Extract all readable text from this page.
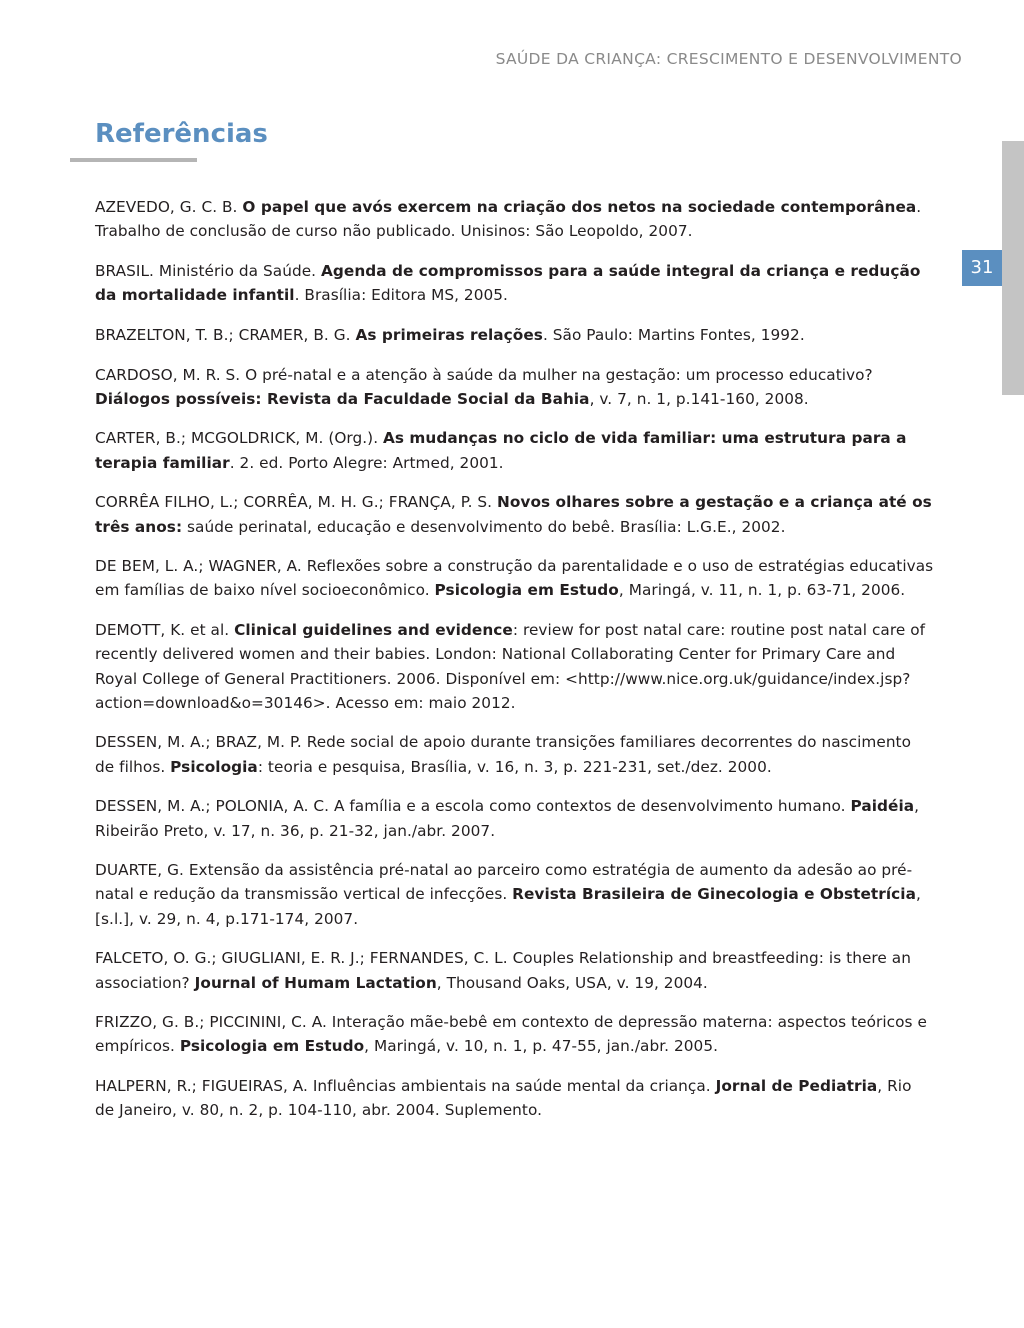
SAÚDE DA CRIANÇA: CRESCIMENTO E DESENVOLVIMENTO
31
Referências

AZEVEDO, G. C. B. O papel que avós exercem na criação dos netos na sociedade contemporânea. Trabalho de conclusão de curso não publicado. Unisinos: São Leopoldo, 2007.

BRASIL. Ministério da Saúde. Agenda de compromissos para a saúde integral da criança e redução da mortalidade infantil. Brasília: Editora MS, 2005.

BRAZELTON, T. B.; CRAMER, B. G. As primeiras relações. São Paulo: Martins Fontes, 1992.

CARDOSO, M. R. S. O pré-natal e a atenção à saúde da mulher na gestação: um processo educativo? Diálogos possíveis: Revista da Faculdade Social da Bahia, v. 7, n. 1, p.141-160, 2008.

CARTER, B.; MCGOLDRICK, M. (Org.). As mudanças no ciclo de vida familiar: uma estrutura para a terapia familiar. 2. ed. Porto Alegre: Artmed, 2001.

CORRÊA FILHO, L.; CORRÊA, M. H. G.; FRANÇA, P. S. Novos olhares sobre a gestação e a criança até os três anos: saúde perinatal, educação e desenvolvimento do bebê. Brasília: L.G.E., 2002.

DE BEM, L. A.; WAGNER, A. Reflexões sobre a construção da parentalidade e o uso de estratégias educativas em famílias de baixo nível socioeconômico. Psicologia em Estudo, Maringá, v. 11, n. 1, p. 63-71, 2006.

DEMOTT, K. et al. Clinical guidelines and evidence: review for post natal care: routine post natal care of recently delivered women and their babies. London: National Collaborating Center for Primary Care and Royal College of General Practitioners. 2006. Disponível em: <http://www.nice.org.uk/guidance/index.jsp?action=download&o=30146>. Acesso em: maio 2012.

DESSEN, M. A.; BRAZ, M. P. Rede social de apoio durante transições familiares decorrentes do nascimento de filhos. Psicologia: teoria e pesquisa, Brasília, v. 16, n. 3, p. 221-231, set./dez. 2000.

DESSEN, M. A.; POLONIA, A. C. A família e a escola como contextos de desenvolvimento humano. Paidéia, Ribeirão Preto, v. 17, n. 36, p. 21-32, jan./abr. 2007.

DUARTE, G. Extensão da assistência pré-natal ao parceiro como estratégia de aumento da adesão ao pré-natal e redução da transmissão vertical de infecções. Revista Brasileira de Ginecologia e Obstetrícia, [s.l.], v. 29, n. 4, p.171-174, 2007.

FALCETO, O. G.; GIUGLIANI, E. R. J.; FERNANDES, C. L. Couples Relationship and breastfeeding: is there an association? Journal of Humam Lactation, Thousand Oaks, USA, v. 19, 2004.

FRIZZO, G. B.; PICCININI, C. A. Interação mãe-bebê em contexto de depressão materna: aspectos teóricos e empíricos. Psicologia em Estudo, Maringá, v. 10, n. 1, p. 47-55, jan./abr. 2005.

HALPERN, R.; FIGUEIRAS, A. Influências ambientais na saúde mental da criança. Jornal de Pediatria, Rio de Janeiro, v. 80, n. 2, p. 104-110, abr. 2004. Suplemento.
